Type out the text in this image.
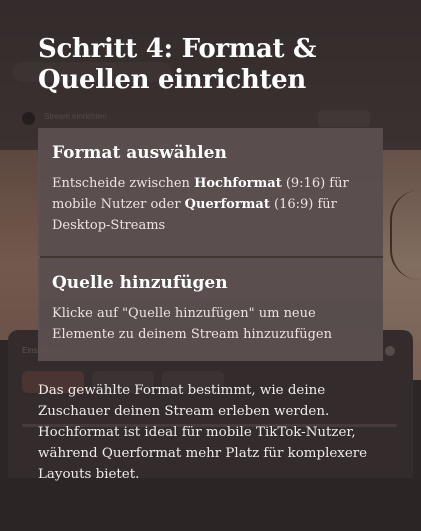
Schritt 4: Format & Quellen einrichten
Format auswählen

Entscheide zwischen Hochformat (9:16) für mobile Nutzer oder Querformat (16:9) für Desktop-Streams

Quelle hinzufügen

Klicke auf "Quelle hinzufügen" um neue Elemente zu deinem Stream hinzuzufügen

Das gewählte Format bestimmt, wie deine Zuschauer deinen Stream erleben werden. Hochformat ist ideal für mobile TikTok-Nutzer, während Querformat mehr Platz für komplexere Layouts bietet.
